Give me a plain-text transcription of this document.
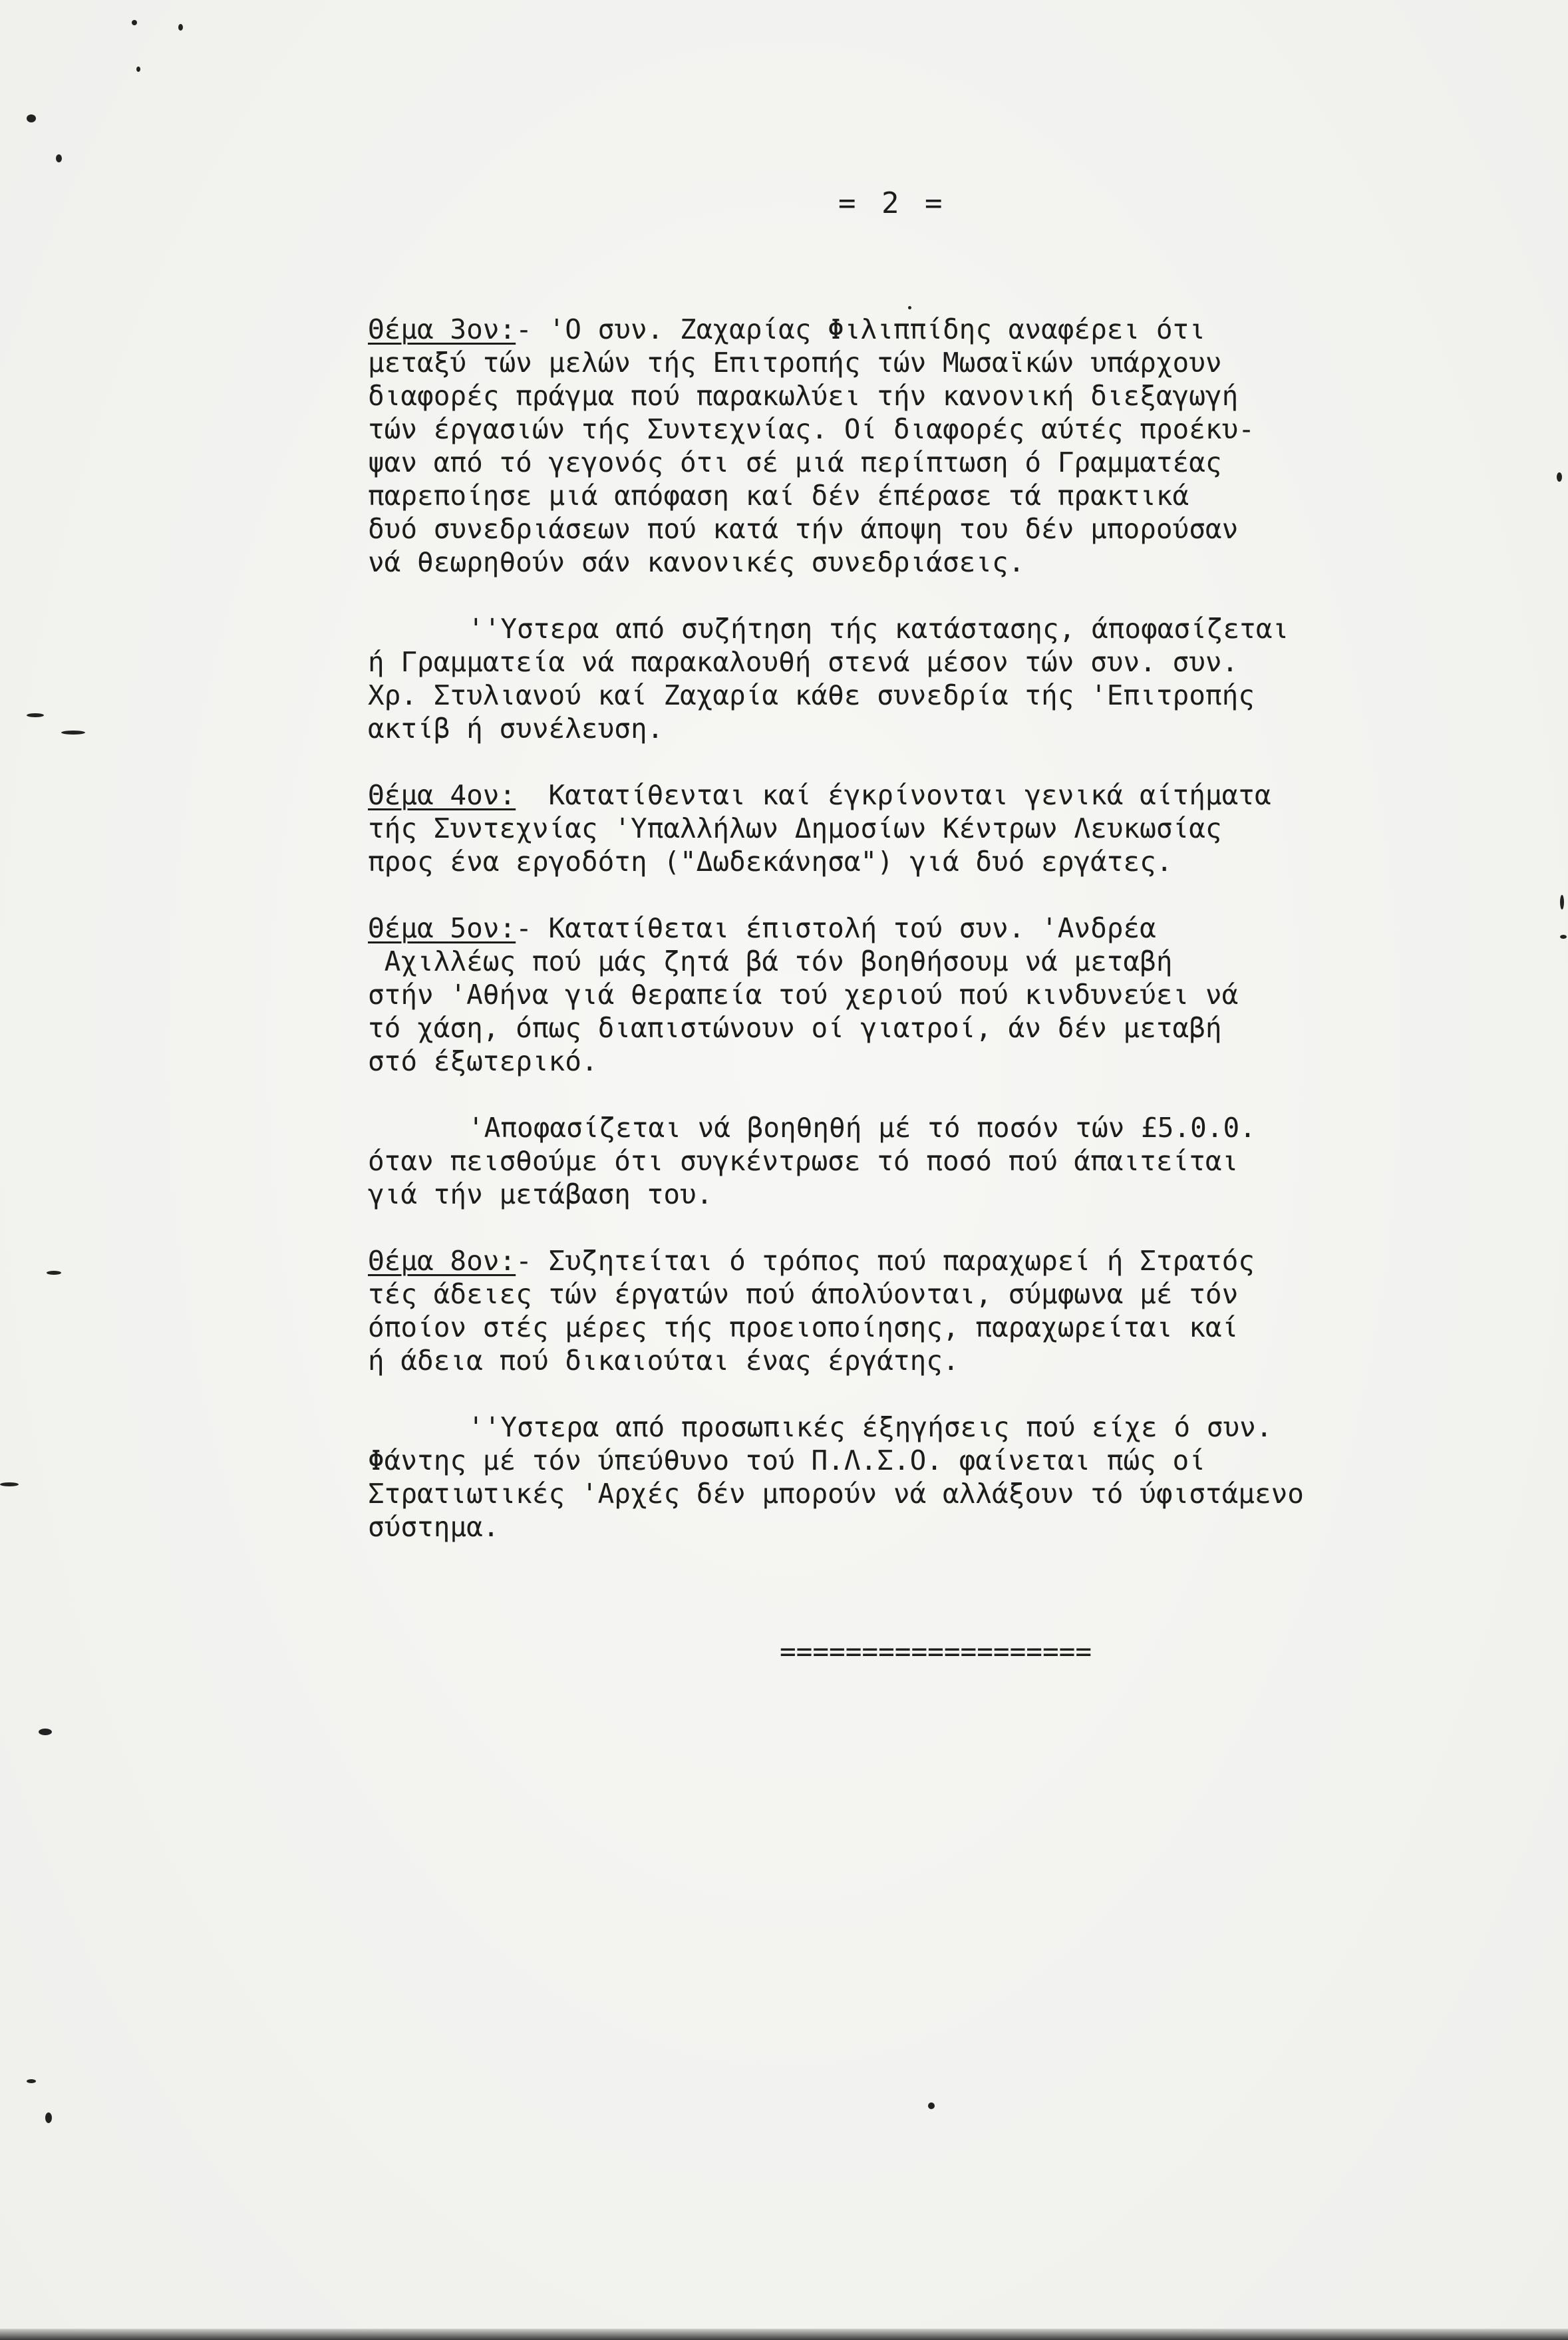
= 2 =
Θέμα 3ον:- 'Ο συν. Ζαχαρίας Φιλιππίδης αναφέρει ότι
μεταξύ τών μελών τής Επιτροπής τών Μωσαϊκών υπάρχουν
διαφορές πράγμα πού παρακωλύει τήν κανονική διεξαγωγή
τών έργασιών τής Συντεχνίας. Οί διαφορές αύτές προέκυ-
ψαν από τό γεγονός ότι σέ μιά περίπτωση ό Γραμματέας
παρεποίησε μιά απόφαση καί δέν έπέρασε τά πρακτικά
δυό συνεδριάσεων πού κατά τήν άποψη του δέν μπορούσαν
νά θεωρηθούν σάν κανονικές συνεδριάσεις.
''Υστερα από συζήτηση τής κατάστασης, άποφασίζεται
ή Γραμματεία νά παρακαλουθή στενά μέσον τών συν. συν.
Χρ. Στυλιανού καί Ζαχαρία κάθε συνεδρία τής 'Επιτροπής
ακτίβ ή συνέλευση.
Θέμα 4ον:  Κατατίθενται καί έγκρίνονται γενικά αίτήματα
τής Συντεχνίας 'Υπαλλήλων Δημοσίων Κέντρων Λευκωσίας
προς ένα εργοδότη ("Δωδεκάνησα") γιά δυό εργάτες.
Θέμα 5ον:- Κατατίθεται έπιστολή τού συν. 'Ανδρέα
Αχιλλέως πού μάς ζητά βά τόν βοηθήσουμ νά μεταβή
στήν 'Αθήνα γιά θεραπεία τού χεριού πού κινδυνεύει νά
τό χάση, όπως διαπιστώνουν οί γιατροί, άν δέν μεταβή
στό έξωτερικό.
'Αποφασίζεται νά βοηθηθή μέ τό ποσόν τών £5.0.0.
όταν πεισθούμε ότι συγκέντρωσε τό ποσό πού άπαιτείται
γιά τήν μετάβαση του.
Θέμα 8ον:- Συζητείται ό τρόπος πού παραχωρεί ή Στρατός
τές άδειες τών έργατών πού άπολύονται, σύμφωνα μέ τόν
όποίον στές μέρες τής προειοποίησης, παραχωρείται καί
ή άδεια πού δικαιούται ένας έργάτης.
''Υστερα από προσωπικές έξηγήσεις πού είχε ό συν.
Φάντης μέ τόν ύπεύθυνο τού Π.Λ.Σ.Ο. φαίνεται πώς οί
Στρατιωτικές 'Αρχές δέν μπορούν νά αλλάξουν τό ύφιστάμενο
σύστημα.
===================
